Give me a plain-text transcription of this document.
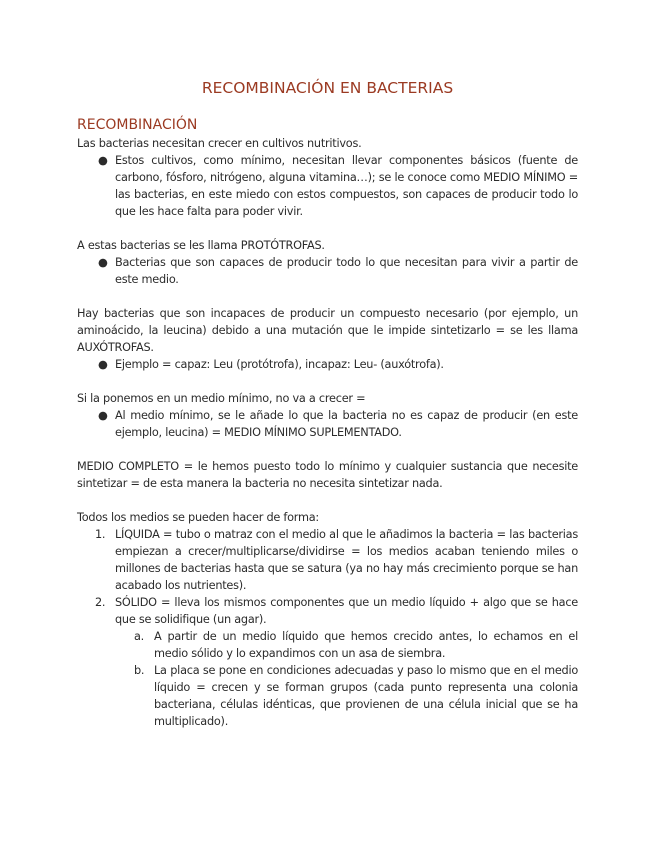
RECOMBINACIÓN EN BACTERIAS
RECOMBINACIÓN

Las bacterias necesitan crecer en cultivos nutritivos.

● Estos cultivos, como mínimo, necesitan llevar componentes básicos (fuente de carbono, fósforo, nitrógeno, alguna vitamina…); se le conoce como MEDIO MÍNIMO = las bacterias, en este miedo con estos compuestos, son capaces de producir todo lo que les hace falta para poder vivir.

A estas bacterias se les llama PROTÓTROFAS.

● Bacterias que son capaces de producir todo lo que necesitan para vivir a partir de este medio.

Hay bacterias que son incapaces de producir un compuesto necesario (por ejemplo, un aminoácido, la leucina) debido a una mutación que le impide sintetizarlo = se les llama AUXÓTROFAS.

● Ejemplo = capaz: Leu (protótrofa), incapaz: Leu- (auxótrofa).

Si la ponemos en un medio mínimo, no va a crecer =

● Al medio mínimo, se le añade lo que la bacteria no es capaz de producir (en este ejemplo, leucina) = MEDIO MÍNIMO SUPLEMENTADO.

MEDIO COMPLETO = le hemos puesto todo lo mínimo y cualquier sustancia que necesite sintetizar = de esta manera la bacteria no necesita sintetizar nada.

Todos los medios se pueden hacer de forma:

1. LÍQUIDA = tubo o matraz con el medio al que le añadimos la bacteria = las bacterias empiezan a crecer/multiplicarse/dividirse = los medios acaban teniendo miles o millones de bacterias hasta que se satura (ya no hay más crecimiento porque se han acabado los nutrientes).
2. SÓLIDO = lleva los mismos componentes que un medio líquido + algo que se hace que se solidifique (un agar).
a. A partir de un medio líquido que hemos crecido antes, lo echamos en el medio sólido y lo expandimos con un asa de siembra.
b. La placa se pone en condiciones adecuadas y paso lo mismo que en el medio líquido = crecen y se forman grupos (cada punto representa una colonia bacteriana, células idénticas, que provienen de una célula inicial que se ha multiplicado).
